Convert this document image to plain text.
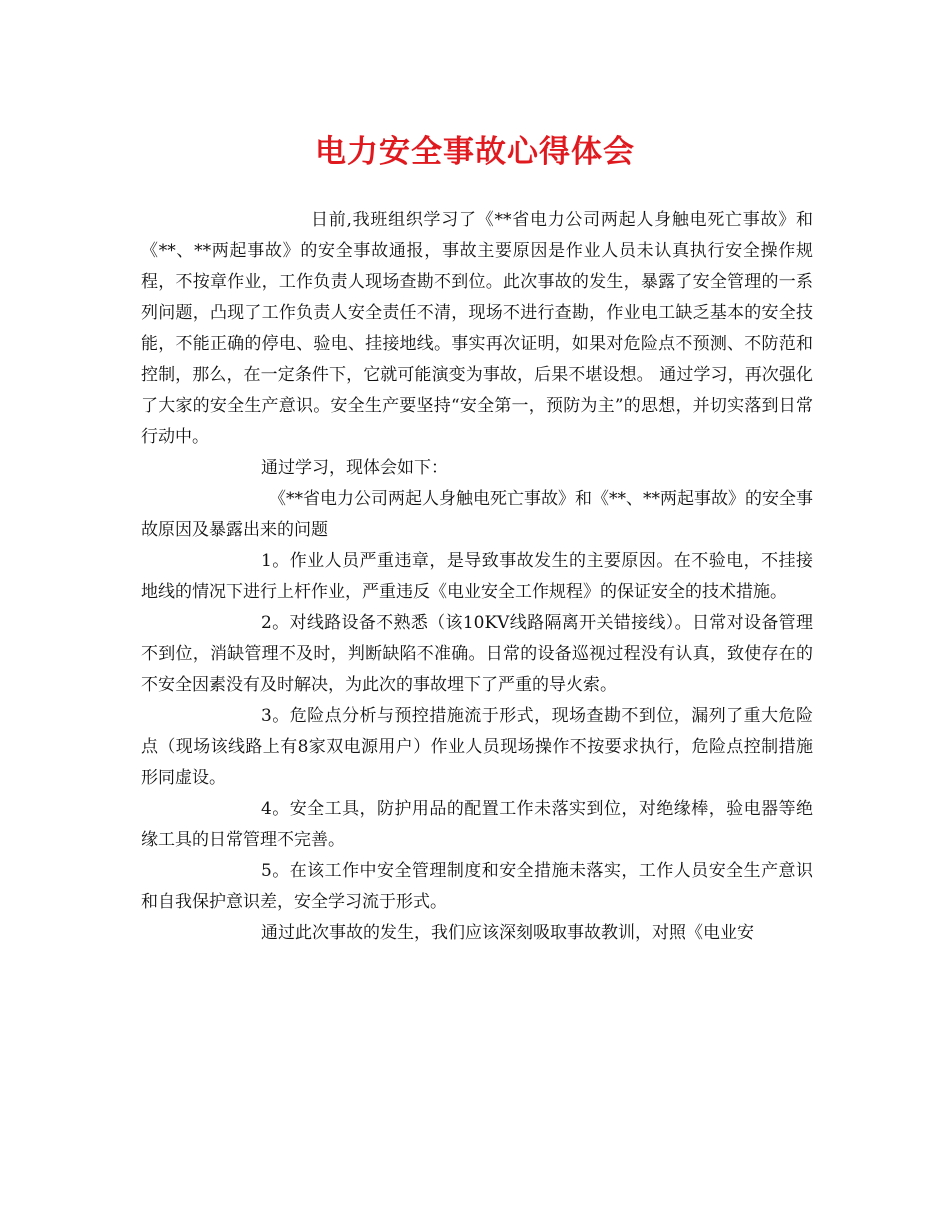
电力安全事故心得体会

日前,我班组织学习了《**省电力公司两起人身触电死亡事故》和《**、**两起事故》的安全事故通报，事故主要原因是作业人员未认真执行安全操作规程，不按章作业，工作负责人现场查勘不到位。此次事故的发生，暴露了安全管理的一系列问题，凸现了工作负责人安全责任不清，现场不进行查勘，作业电工缺乏基本的安全技能，不能正确的停电、验电、挂接地线。事实再次证明，如果对危险点不预测、不防范和控制，那么，在一定条件下，它就可能演变为事故，后果不堪设想。 通过学习，再次强化了大家的安全生产意识。安全生产要坚持“安全第一，预防为主”的思想，并切实落到日常行动中。

通过学习，现体会如下：

《**省电力公司两起人身触电死亡事故》和《**、**两起事故》的安全事故原因及暴露出来的问题

1。作业人员严重违章，是导致事故发生的主要原因。在不验电，不挂接地线的情况下进行上杆作业，严重违反《电业安全工作规程》的保证安全的技术措施。

2。对线路设备不熟悉（该10KV线路隔离开关错接线）。日常对设备管理不到位，消缺管理不及时，判断缺陷不准确。日常的设备巡视过程没有认真，致使存在的不安全因素没有及时解决，为此次的事故埋下了严重的导火索。

3。危险点分析与预控措施流于形式，现场查勘不到位，漏列了重大危险点（现场该线路上有8家双电源用户）作业人员现场操作不按要求执行，危险点控制措施形同虚设。

4。安全工具，防护用品的配置工作未落实到位，对绝缘棒，验电器等绝缘工具的日常管理不完善。

5。在该工作中安全管理制度和安全措施未落实，工作人员安全生产意识和自我保护意识差，安全学习流于形式。

通过此次事故的发生，我们应该深刻吸取事故教训，对照《电业安
